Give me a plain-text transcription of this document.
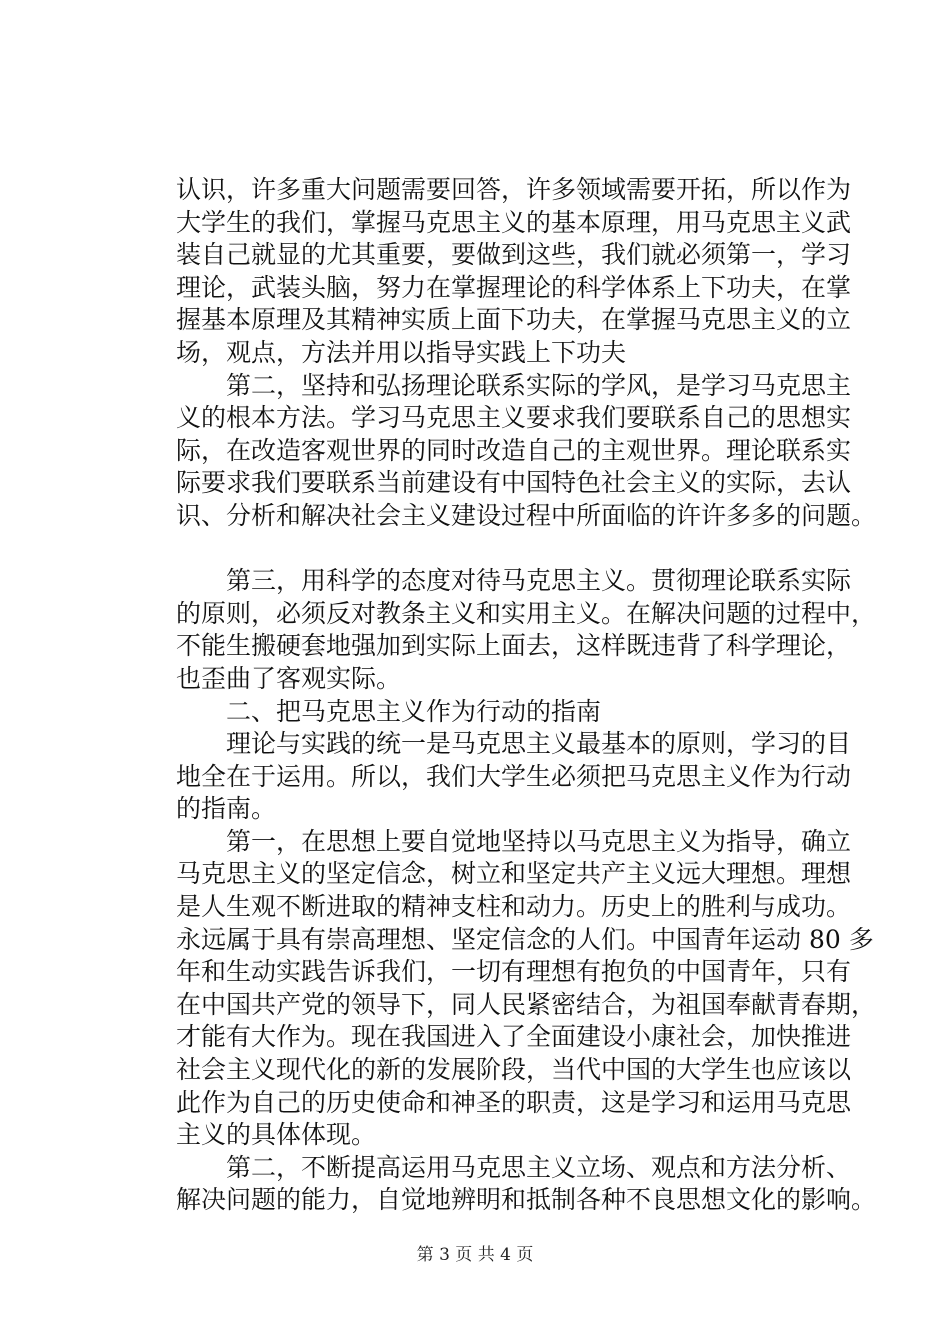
认识，许多重大问题需要回答，许多领域需要开拓，所以作为
大学生的我们，掌握马克思主义的基本原理，用马克思主义武
装自己就显的尤其重要，要做到这些，我们就必须第一，学习
理论，武装头脑，努力在掌握理论的科学体系上下功夫，在掌
握基本原理及其精神实质上面下功夫，在掌握马克思主义的立
场，观点，方法并用以指导实践上下功夫
第二，坚持和弘扬理论联系实际的学风，是学习马克思主
义的根本方法。学习马克思主义要求我们要联系自己的思想实
际，在改造客观世界的同时改造自己的主观世界。理论联系实
际要求我们要联系当前建设有中国特色社会主义的实际，去认
识、分析和解决社会主义建设过程中所面临的许许多多的问题。
第三，用科学的态度对待马克思主义。贯彻理论联系实际
的原则，必须反对教条主义和实用主义。在解决问题的过程中，
不能生搬硬套地强加到实际上面去，这样既违背了科学理论，
也歪曲了客观实际。
二、把马克思主义作为行动的指南
理论与实践的统一是马克思主义最基本的原则，学习的目
地全在于运用。所以，我们大学生必须把马克思主义作为行动
的指南。
第一，在思想上要自觉地坚持以马克思主义为指导，确立
马克思主义的坚定信念，树立和坚定共产主义远大理想。理想
是人生观不断进取的精神支柱和动力。历史上的胜利与成功。
永远属于具有崇高理想、坚定信念的人们。中国青年运动 80 多
年和生动实践告诉我们，一切有理想有抱负的中国青年，只有
在中国共产党的领导下，同人民紧密结合，为祖国奉献青春期，
才能有大作为。现在我国进入了全面建设小康社会，加快推进
社会主义现代化的新的发展阶段，当代中国的大学生也应该以
此作为自己的历史使命和神圣的职责，这是学习和运用马克思
主义的具体体现。
第二，不断提高运用马克思主义立场、观点和方法分析、
解决问题的能力，自觉地辨明和抵制各种不良思想文化的影响。
第 3 页 共 4 页
